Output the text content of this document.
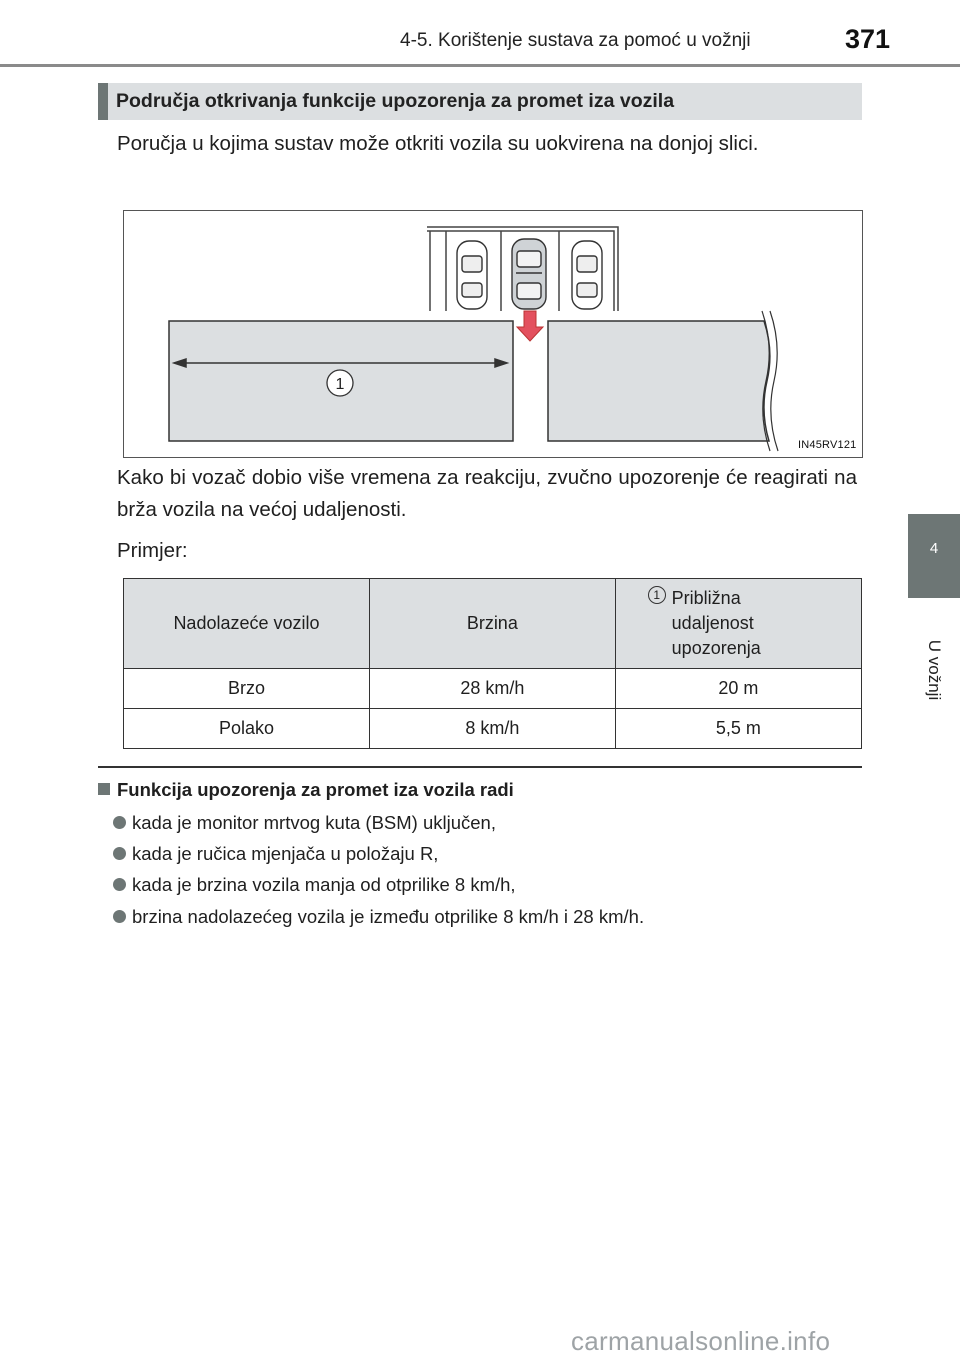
4-5. Korištenje sustava za pomoć u vožnji	371
4
U vožnji
Područja otkrivanja funkcije upozorenja za promet iza vozila
Poručja u kojima sustav može otkriti vozila su uokvirena na donjoj slici.
1
IN45RV121
Kako bi vozač dobio više vremena za reakciju, zvučno upozorenje će reagirati na brža vozila na većoj udaljenosti.
Primjer:
Nadolazeće vozilo	Brzina	1 Približna
udaljenost
upozorenja

Brzo	28 km/h	20 m
Polako	8 km/h	5,5 m
Funkcija upozorenja za promet iza vozila radi
kada je monitor mrtvog kuta (BSM) uključen,
kada je ručica mjenjača u položaju R,
kada je brzina vozila manja od otprilike 8 km/h,
brzina nadolazećeg vozila je između otprilike 8 km/h i 28 km/h.
carmanualsonline.info
